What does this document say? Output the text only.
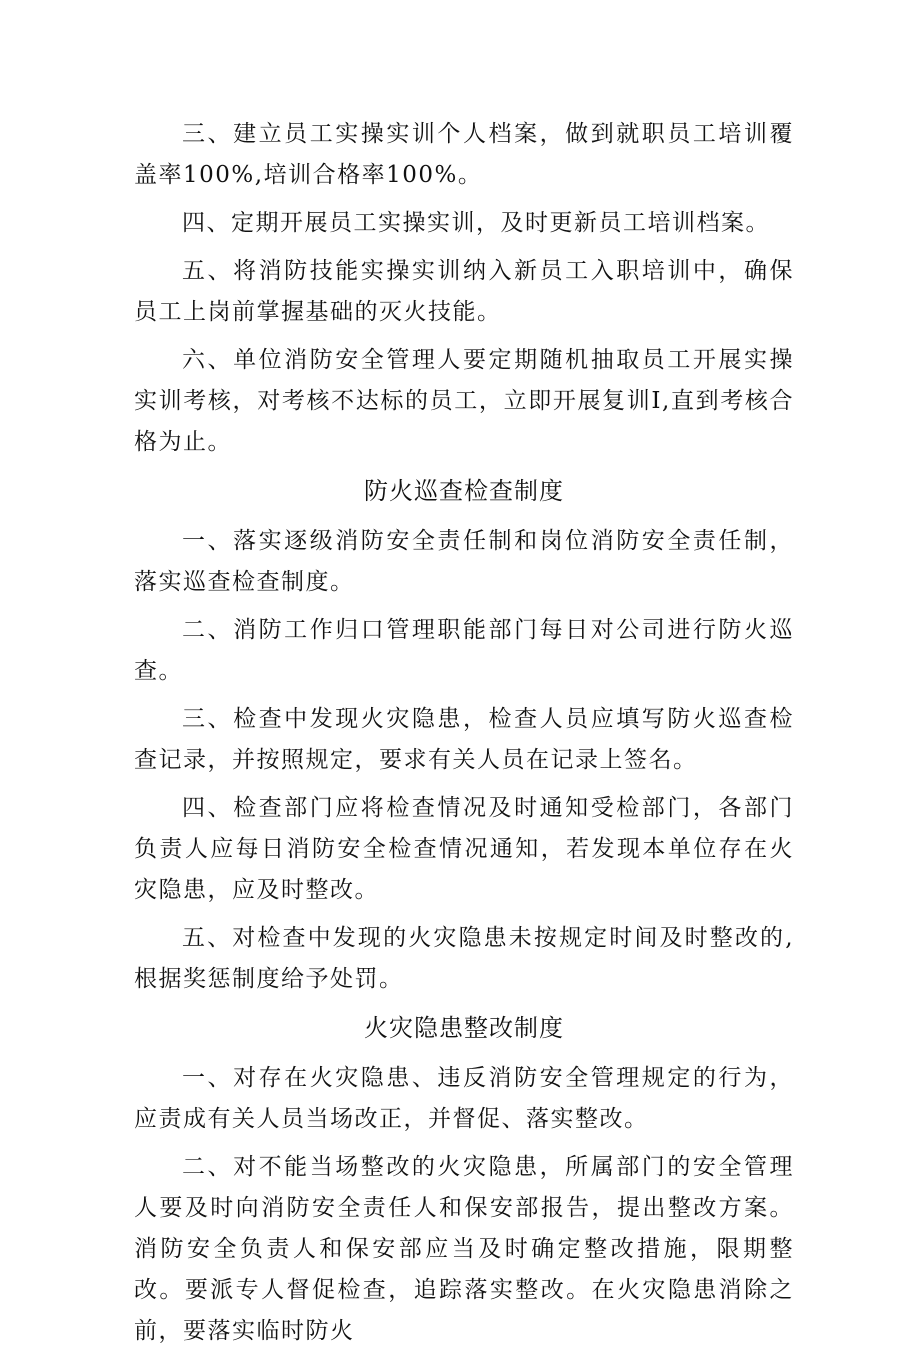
三、建立员工实操实训个人档案，做到就职员工培训覆盖率100%,培训合格率100%。

四、定期开展员工实操实训，及时更新员工培训档案。

五、将消防技能实操实训纳入新员工入职培训中，确保员工上岗前掌握基础的灭火技能。

六、单位消防安全管理人要定期随机抽取员工开展实操实训考核，对考核不达标的员工，立即开展复训I,直到考核合格为止。

防火巡查检查制度

一、落实逐级消防安全责任制和岗位消防安全责任制，落实巡查检查制度。

二、消防工作归口管理职能部门每日对公司进行防火巡查。

三、检查中发现火灾隐患，检查人员应填写防火巡查检查记录，并按照规定，要求有关人员在记录上签名。

四、检查部门应将检查情况及时通知受检部门，各部门负责人应每日消防安全检查情况通知，若发现本单位存在火灾隐患，应及时整改。

五、对检查中发现的火灾隐患未按规定时间及时整改的,根据奖惩制度给予处罚。

火灾隐患整改制度

一、对存在火灾隐患、违反消防安全管理规定的行为，应责成有关人员当场改正，并督促、落实整改。

二、对不能当场整改的火灾隐患，所属部门的安全管理人要及时向消防安全责任人和保安部报告，提出整改方案。消防安全负责人和保安部应当及时确定整改措施，限期整改。要派专人督促检查，追踪落实整改。在火灾隐患消除之前，要落实临时防火
